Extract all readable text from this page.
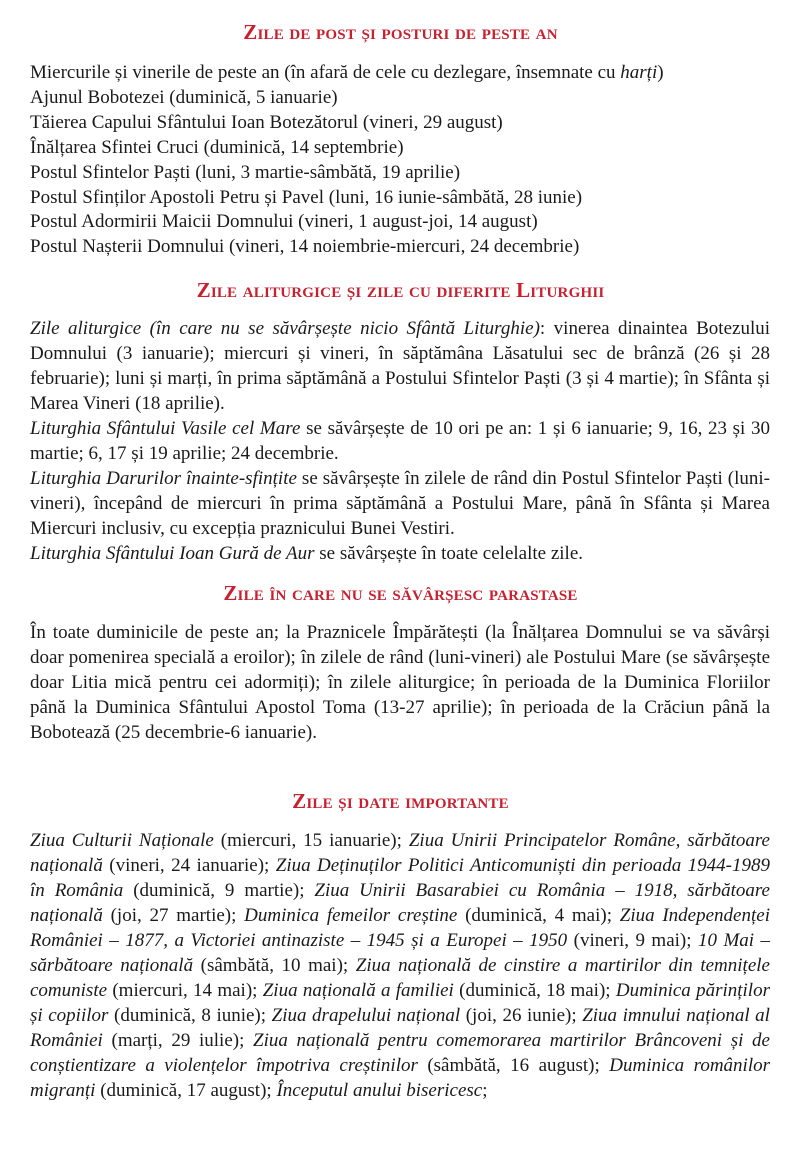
Zile de post și posturi de peste an
Miercurile și vinerile de peste an (în afară de cele cu dezlegare, însemnate cu harți)
Ajunul Bobotezei (duminică, 5 ianuarie)
Tăierea Capului Sfântului Ioan Botezătorul (vineri, 29 august)
Înălțarea Sfintei Cruci (duminică, 14 septembrie)
Postul Sfintelor Paști (luni, 3 martie-sâmbătă, 19 aprilie)
Postul Sfinților Apostoli Petru și Pavel (luni, 16 iunie-sâmbătă, 28 iunie)
Postul Adormirii Maicii Domnului (vineri, 1 august-joi, 14 august)
Postul Nașterii Domnului (vineri, 14 noiembrie-miercuri, 24 decembrie)
Zile aliturgice și zile cu diferite Liturghii

Zile aliturgice (în care nu se săvârșește nicio Sfântă Liturghie): vinerea dinaintea Botezului Domnului (3 ianuarie); miercuri și vineri, în săptămâna Lăsatului sec de brânză (26 și 28 februarie); luni și marți, în prima săptămână a Postului Sfintelor Paști (3 și 4 martie); în Sfânta și Marea Vineri (18 aprilie).
Liturghia Sfântului Vasile cel Mare se săvârșește de 10 ori pe an: 1 și 6 ianuarie; 9, 16, 23 și 30 martie; 6, 17 și 19 aprilie; 24 decembrie.
Liturghia Darurilor înainte-sfințite se săvârșește în zilele de rând din Postul Sfintelor Paști (luni-vineri), începând de miercuri în prima săptămână a Postului Mare, până în Sfânta și Marea Miercuri inclusiv, cu excepția praznicului Bunei Vestiri.
Liturghia Sfântului Ioan Gură de Aur se săvârșește în toate celelalte zile.

Zile în care nu se săvârșesc parastase

În toate duminicile de peste an; la Praznicele Împărătești (la Înălțarea Domnului se va săvârși doar pomenirea specială a eroilor); în zilele de rând (luni-vineri) ale Postului Mare (se săvârșește doar Litia mică pentru cei adormiți); în zilele aliturgice; în perioada de la Duminica Floriilor până la Duminica Sfântului Apostol Toma (13-27 aprilie); în perioada de la Crăciun până la Bobotează (25 decembrie-6 ianuarie).

Zile și date importante

Ziua Culturii Naționale (miercuri, 15 ianuarie); Ziua Unirii Principatelor Române, sărbătoare națională (vineri, 24 ianuarie); Ziua Deținuților Politici Anticomuniști din perioada 1944-1989 în România (duminică, 9 martie); Ziua Unirii Basarabiei cu România – 1918, sărbătoare națională (joi, 27 martie); Duminica femeilor creștine (duminică, 4 mai); Ziua Independenței României – 1877, a Victoriei antinaziste – 1945 și a Europei – 1950 (vineri, 9 mai); 10 Mai – sărbătoare națională (sâmbătă, 10 mai); Ziua națională de cinstire a martirilor din temnițele comuniste (miercuri, 14 mai); Ziua națională a familiei (duminică, 18 mai); Duminica părinților și copiilor (duminică, 8 iunie); Ziua drapelului național (joi, 26 iunie); Ziua imnului național al României (marți, 29 iulie); Ziua națională pentru comemorarea martirilor Brâncoveni și de conștientizare a violențelor împotriva creștinilor (sâmbătă, 16 august); Duminica românilor migranți (duminică, 17 august); Începutul anului bisericesc;
